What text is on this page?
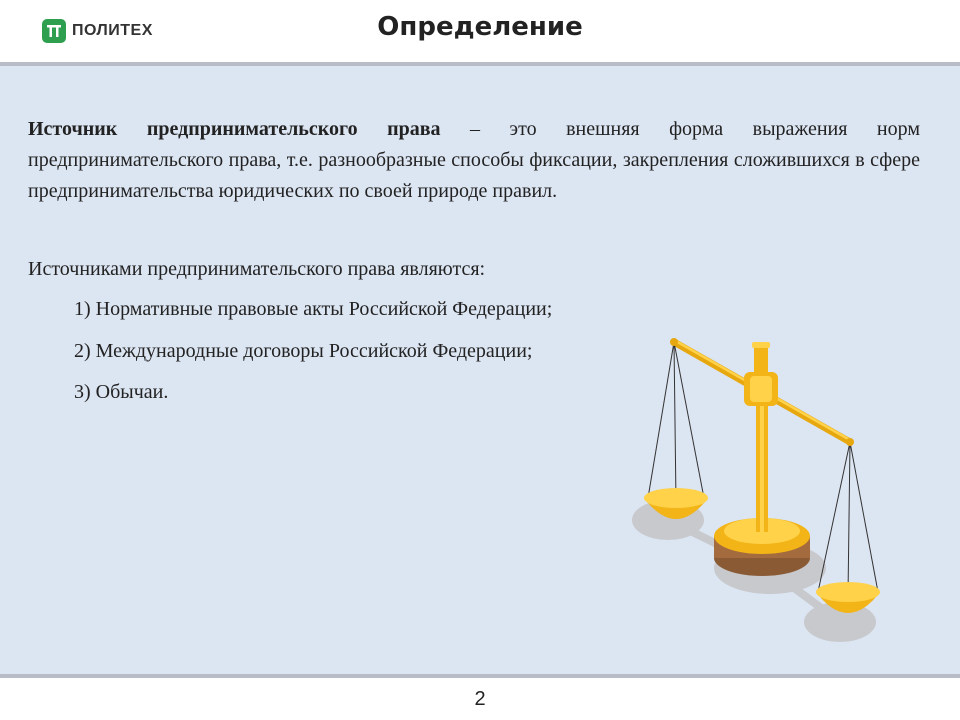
ПОЛИТЕХ	Определение

Источник предпринимательского права – это внешняя форма выражения норм предпринимательского права, т.е. разнообразные способы фиксации, закрепления сложившихся в сфере предпринимательства юридических по своей природе правил.

Источниками предпринимательского права являются:

1) Нормативные правовые акты Российской Федерации;

2) Международные договоры Российской Федерации;

3) Обычаи.

2
